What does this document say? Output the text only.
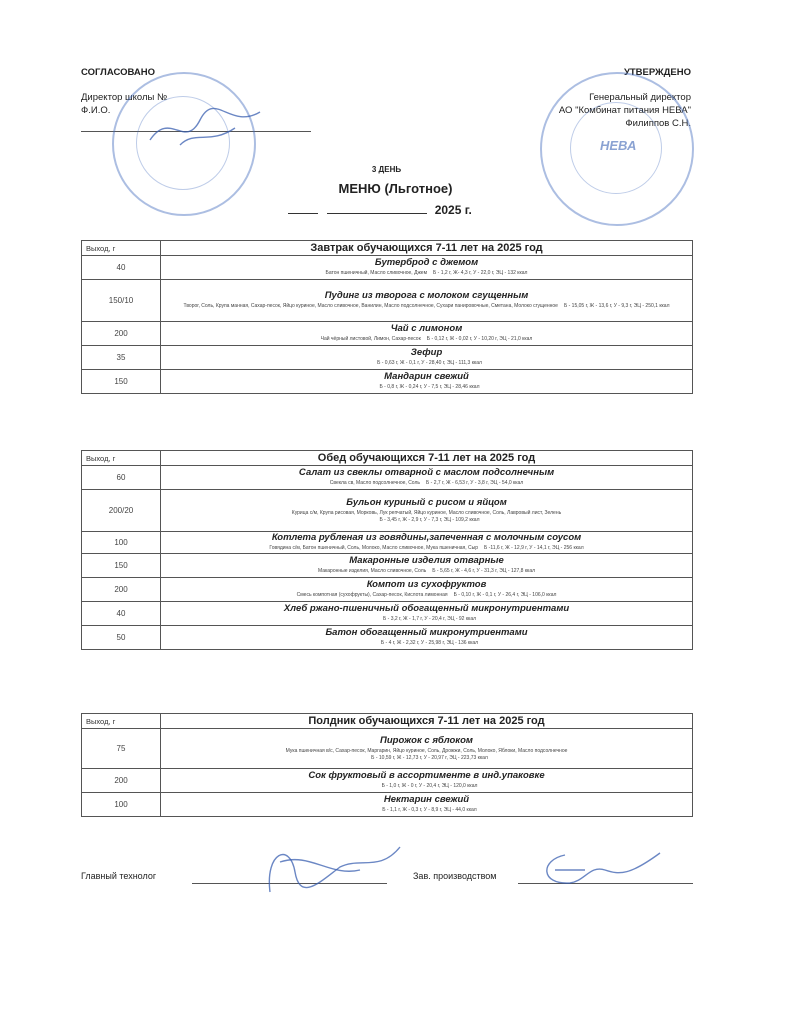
СОГЛАСОВАНО
Директор школы №
Ф.И.О.
УТВЕРЖДЕНО
Генеральный директор
АО "Комбинат питания НЕВА"
Филиппов С.Н.
НЕВА
3 ДЕНЬ
МЕНЮ (Льготное)
2025 г.
Выход, г	Завтрак обучающихся 7-11 лет на 2025 год
40	Бутерброд с джемом
Батон пшеничный, Масло сливочное, Джем Б - 1,2 г, Ж- 4,3 г, У - 22,0 г, ЭЦ - 132 ккал

150/10	Пудинг из творога с молоком сгущенным
Творог, Соль, Крупа манная, Сахар-песок, Яйцо куриное, Масло сливочное, Ванилин, Масло подсолнечное, Сухари панировочные, Сметана, Молоко сгущенное Б - 15,05 г, Ж - 13,6 г, У - 9,3 г, ЭЦ - 250,1 ккал

200	Чай с лимоном
Чай чёрный листовой, Лимон, Сахар-песок Б - 0,12 г, Ж - 0,02 г, У - 10,20 г, ЭЦ - 21,0 ккал

35	Зефир
Б - 0,63 г, Ж - 0,1 г, У - 28,40 г, ЭЦ - 111,3 ккал

150	Мандарин свежий
Б - 0,8 г, Ж - 0,24 г, У - 7,5 г, ЭЦ - 28,46 ккал
Выход, г	Обед обучающихся 7-11 лет на 2025 год
60	Салат из свеклы отварной с маслом подсолнечным
Свекла св, Масло подсолнечное, Соль Б - 2,7 г, Ж - 6,53 г, У - 3,8 г, ЭЦ - 54,0 ккал

200/20	Бульон куриный с рисом и яйцом
Курица с/м, Крупа рисовая, Морковь, Лук репчатый, Яйцо куриное, Масло сливочное, Соль, Лавровый лист, Зелень
Б - 3,45 г, Ж - 2,9 г, У - 7,3 г, ЭЦ - 109,2 ккал

100	Котлета рубленая из говядины,запеченная с молочным соусом
Говядина с/м, Батон пшеничный, Соль, Молоко, Масло сливочное, Мука пшеничная, Сыр Б -11,6 г, Ж - 12,9 г, У - 14,1 г, ЭЦ - 256 ккал

150	Макаронные изделия отварные
Макаронные изделия, Масло сливочное, Соль Б - 5,65 г, Ж - 4,6 г, У - 31,3 г, ЭЦ - 127,8 ккал

200	Компот из сухофруктов
Смесь компотная (сухофрукты), Сахар-песок, Кислота лимонная Б - 0,10 г, Ж - 0,1 г, У - 26,4 г, ЭЦ - 106,0 ккал

40	Хлеб ржано-пшеничный обогащенный микронутриентами
Б - 3,2 г, Ж - 1,7 г, У - 20,4 г, ЭЦ - 92 ккал

50	Батон обогащенный микронутриентами
Б - 4 г, Ж - 2,32 г, У - 25,98 г, ЭЦ - 136 ккал
Выход, г	Полдник обучающихся 7-11 лет на 2025 год
75	Пирожок с яблоком
Мука пшеничная в/с, Сахар-песок, Маргарин, Яйцо куриное, Соль, Дрожжи, Соль, Молоко, Яблоки, Масло подсолнечное
Б - 10,59 г, Ж - 12,73 г, У - 20,97 г, ЭЦ - 223,73 ккал

200	Сок фруктовый в ассортименте в инд.упаковке
Б - 1,0 г, Ж - 0 г, У - 20,4 г, ЭЦ - 120,0 ккал

100	Нектарин свежий
Б - 1,1 г, Ж - 0,3 г, У - 8,9 г, ЭЦ - 44,0 ккал
Главный технолог	Зав. производством
